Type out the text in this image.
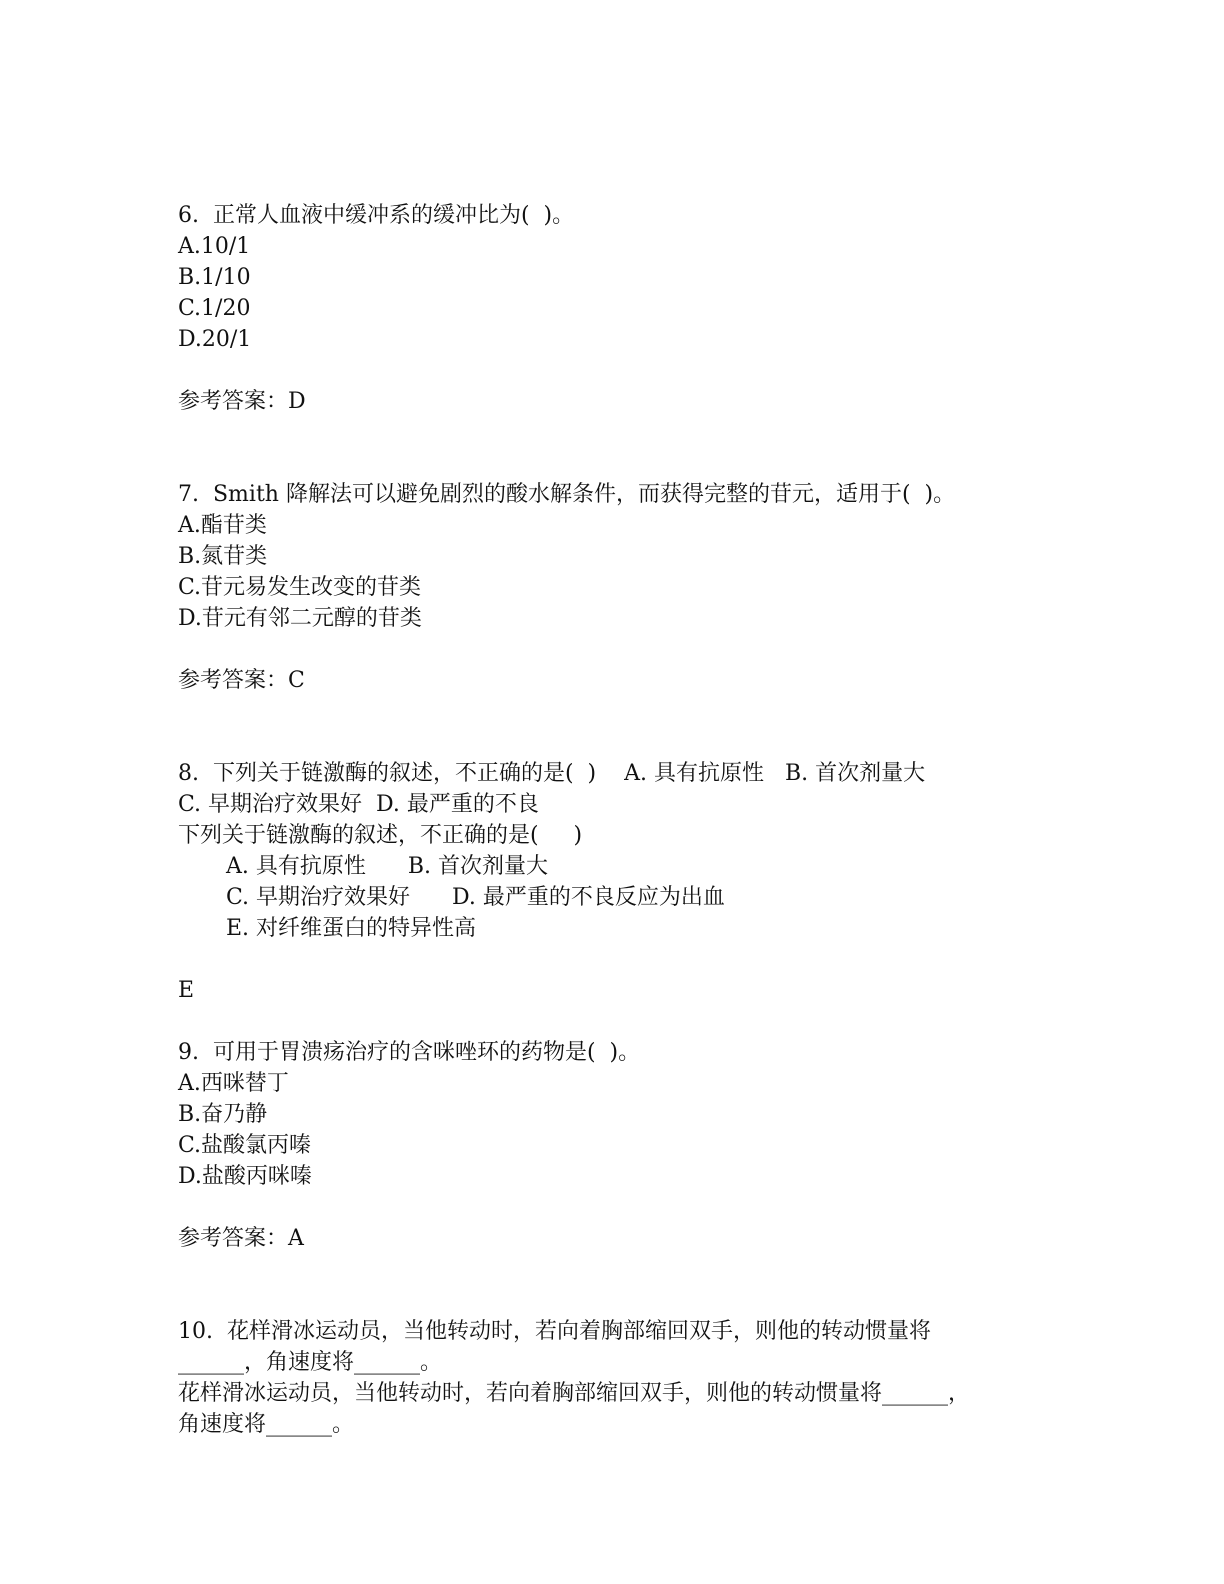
6.  正常人血液中缓冲系的缓冲比为(  )。
A.10/1
B.1/10
C.1/20
D.20/1
参考答案：D
7.  Smith 降解法可以避免剧烈的酸水解条件，而获得完整的苷元，适用于(  )。
A.酯苷类
B.氮苷类
C.苷元易发生改变的苷类
D.苷元有邻二元醇的苷类
参考答案：C
8.  下列关于链激酶的叙述，不正确的是(  )    A. 具有抗原性   B. 首次剂量大
C. 早期治疗效果好  D. 最严重的不良
下列关于链激酶的叙述，不正确的是(     )
A. 具有抗原性      B. 首次剂量大
C. 早期治疗效果好      D. 最严重的不良反应为出血
E. 对纤维蛋白的特异性高
E
9.  可用于胃溃疡治疗的含咪唑环的药物是(  )。
A.西咪替丁
B.奋乃静
C.盐酸氯丙嗪
D.盐酸丙咪嗪
参考答案：A
10.  花样滑冰运动员，当他转动时，若向着胸部缩回双手，则他的转动惯量将
______，角速度将______。
花样滑冰运动员，当他转动时，若向着胸部缩回双手，则他的转动惯量将______，
角速度将______。
